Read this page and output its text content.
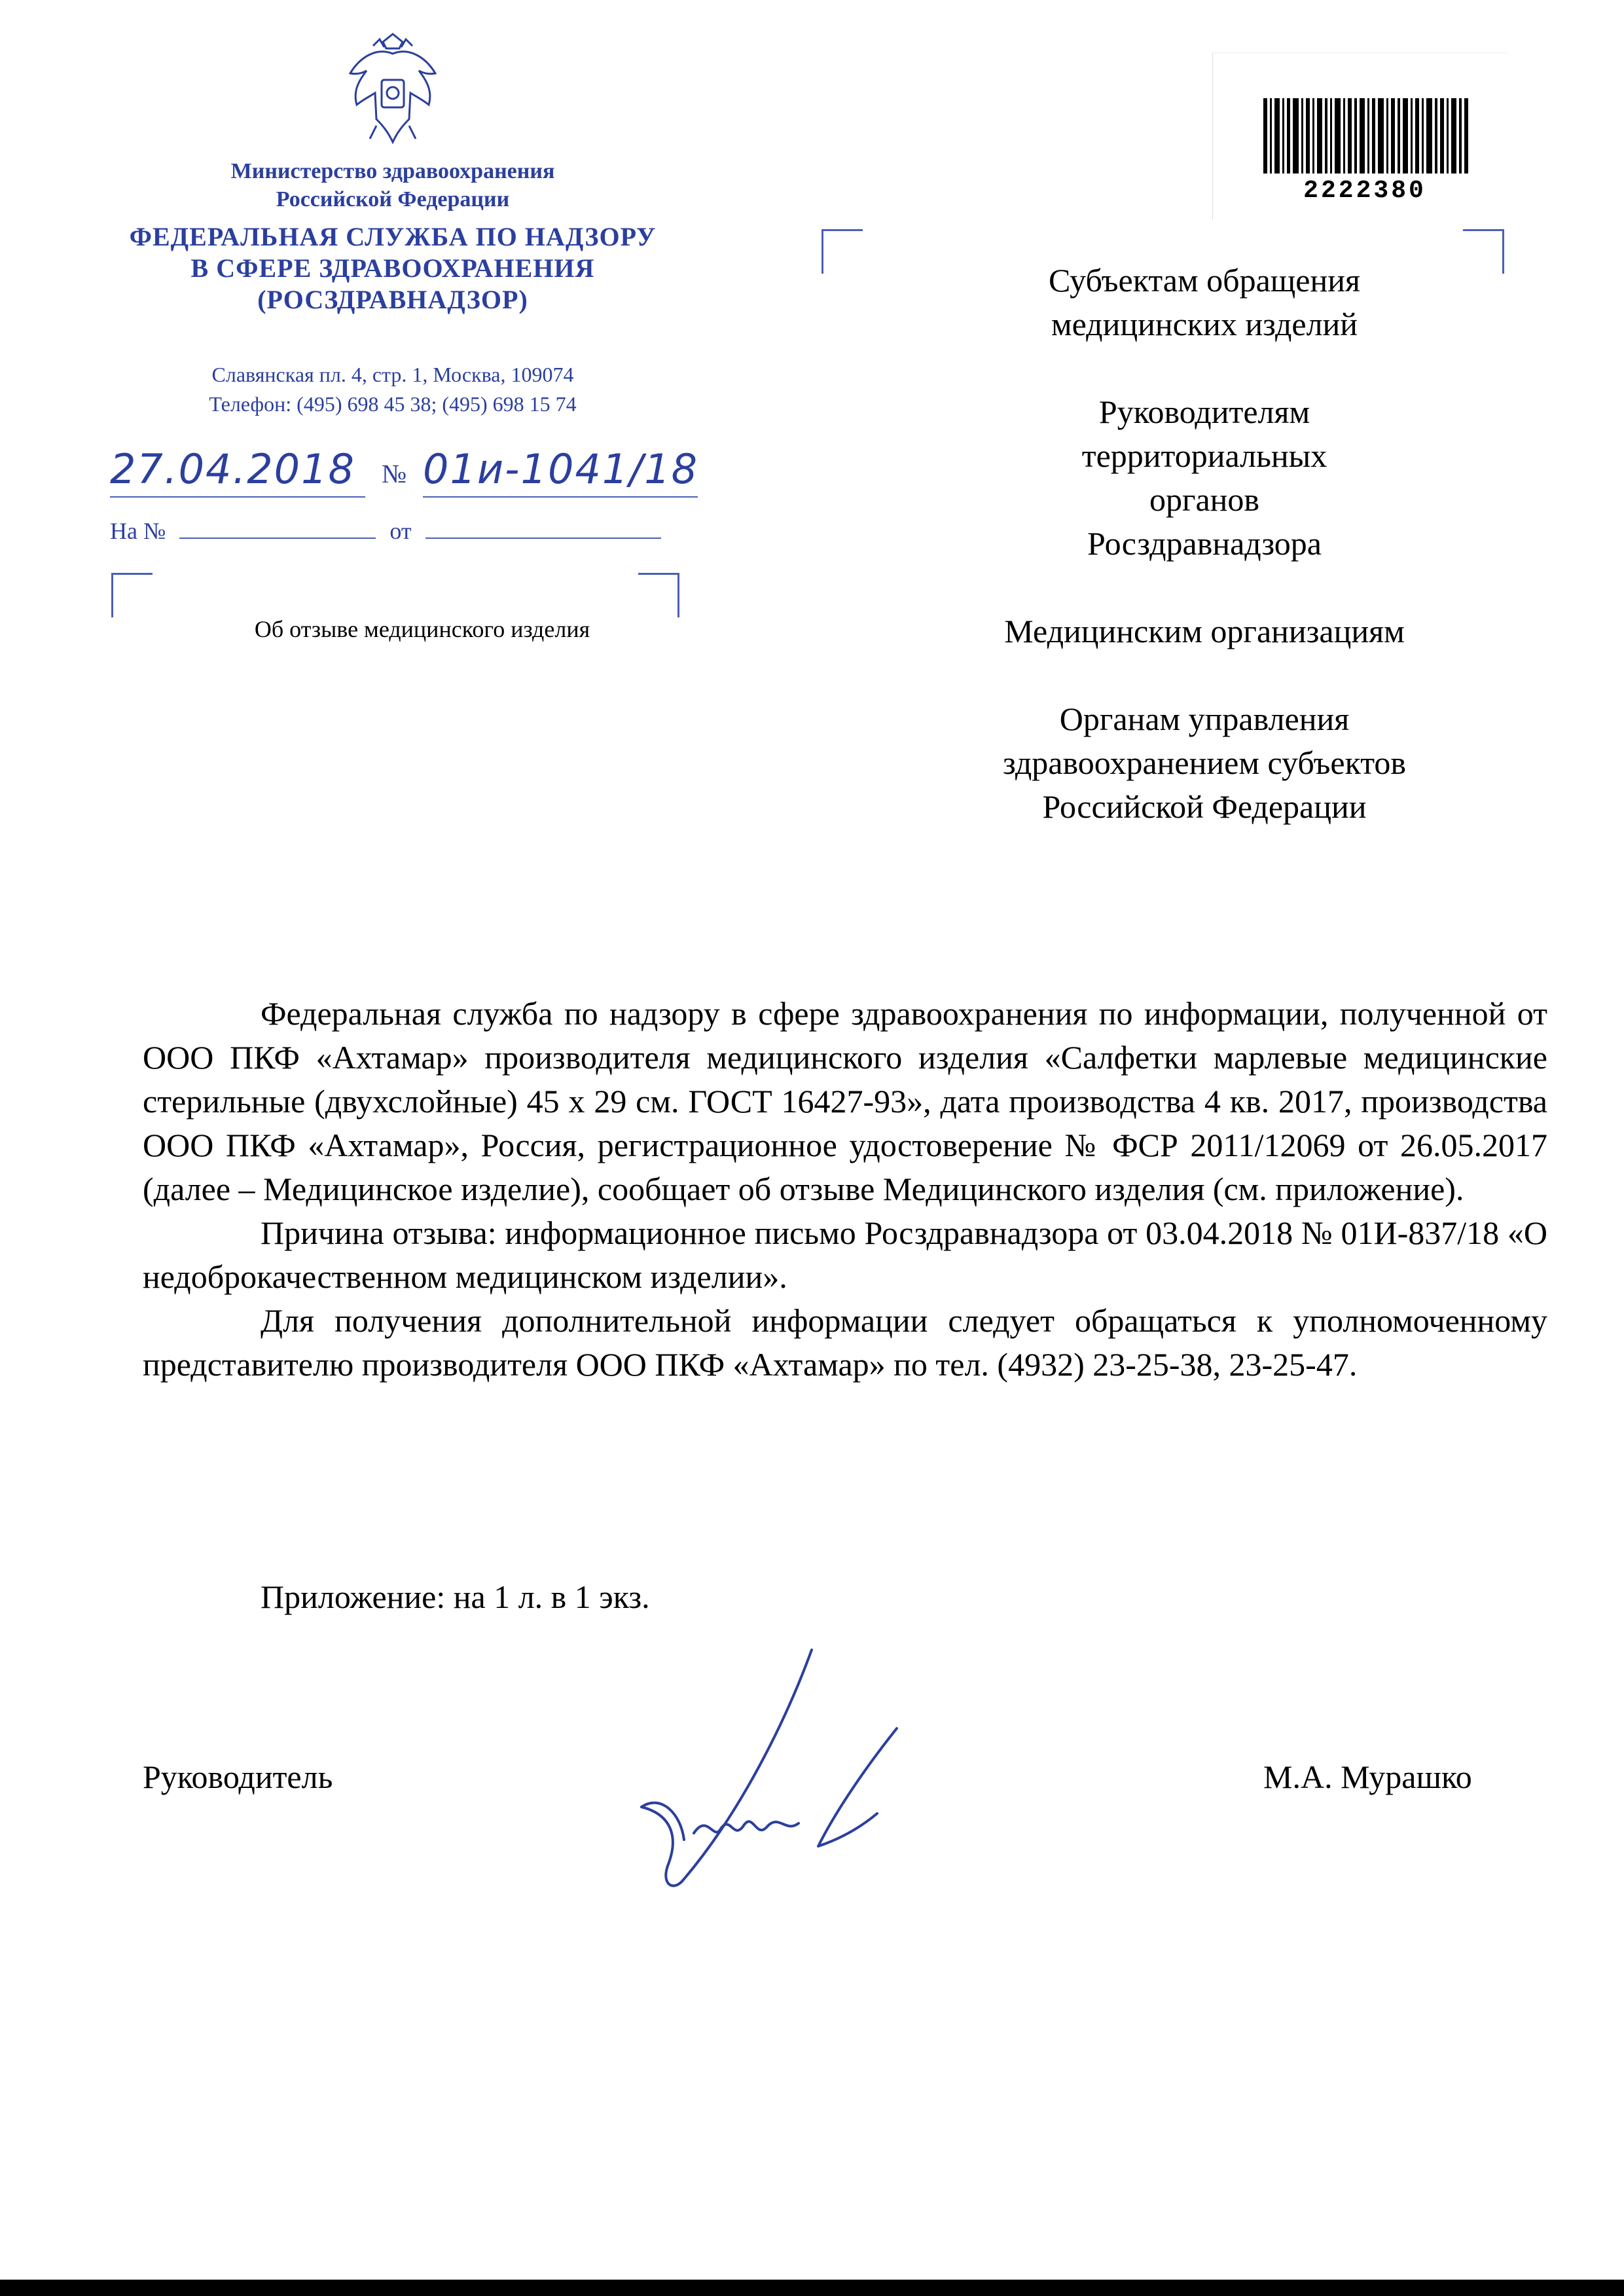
Министерство здравоохранения
Российской Федерации
ФЕДЕРАЛЬНАЯ СЛУЖБА ПО НАДЗОРУ
В СФЕРЕ ЗДРАВООХРАНЕНИЯ
(РОСЗДРАВНАДЗОР)
Славянская пл. 4, стр. 1, Москва, 109074
Телефон: (495) 698 45 38; (495) 698 15 74
27.04.2018 № 01и-1041/18
На №	от
Об отзыве медицинского изделия
2222380

Субъектам обращения медицинских изделий

Руководителям территориальных органов Росздравнадзора

Медицинским организациям

Органам управления здравоохранением субъектов Российской Федерации

Федеральная служба по надзору в сфере здравоохранения по информации, полученной от ООО ПКФ «Ахтамар» производителя медицинского изделия «Салфетки марлевые медицинские стерильные (двухслойные) 45 х 29 см. ГОСТ 16427-93», дата производства 4 кв. 2017, производства ООО ПКФ «Ахтамар», Россия, регистрационное удостоверение № ФСР 2011/12069 от 26.05.2017 (далее – Медицинское изделие), сообщает об отзыве Медицинского изделия (см. приложение).

Причина отзыва: информационное письмо Росздравнадзора от 03.04.2018 № 01И-837/18 «О недоброкачественном медицинском изделии».

Для получения дополнительной информации следует обращаться к уполномоченному представителю производителя ООО ПКФ «Ахтамар» по тел. (4932) 23-25-38, 23-25-47.

Приложение: на 1 л. в 1 экз.
Руководитель	М.А. Мурашко
